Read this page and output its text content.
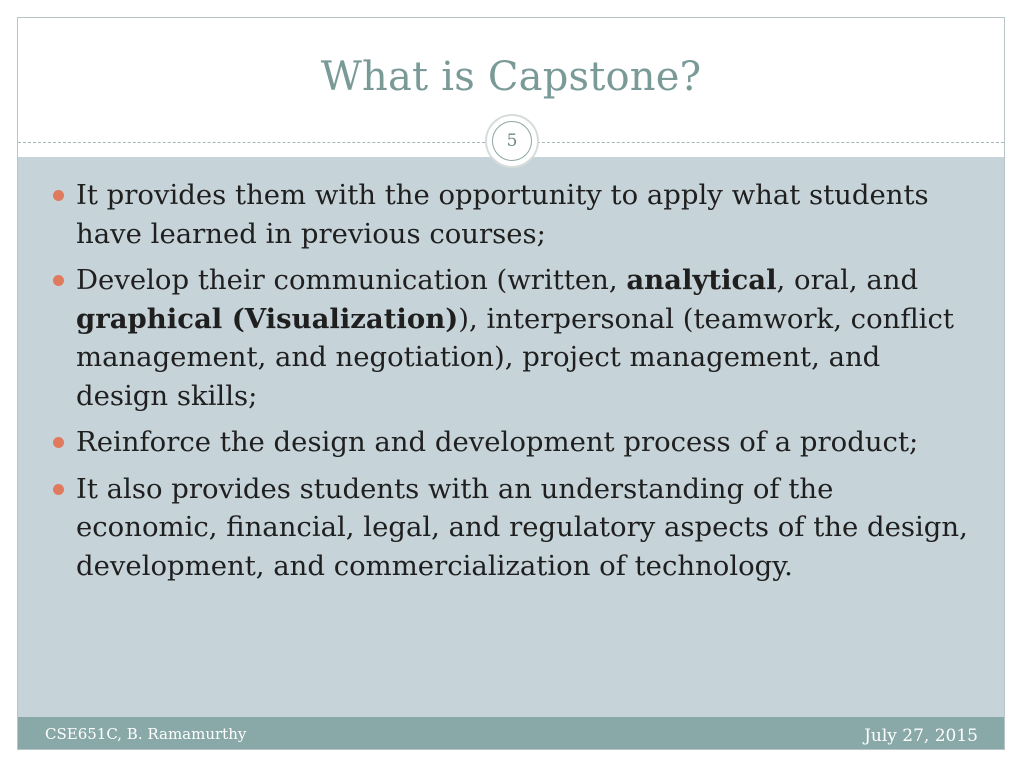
What is Capstone?
5
It provides them with the opportunity to apply what students have learned in previous courses;
Develop their communication (written, analytical, oral, and graphical (Visualization)), interpersonal (teamwork, conflict management, and negotiation), project management, and design skills;
Reinforce the design and development process of a product;
It also provides students with an understanding of the economic, financial, legal, and regulatory aspects of the design, development, and commercialization of technology.
CSE651C, B. Ramamurthy	July 27, 2015
